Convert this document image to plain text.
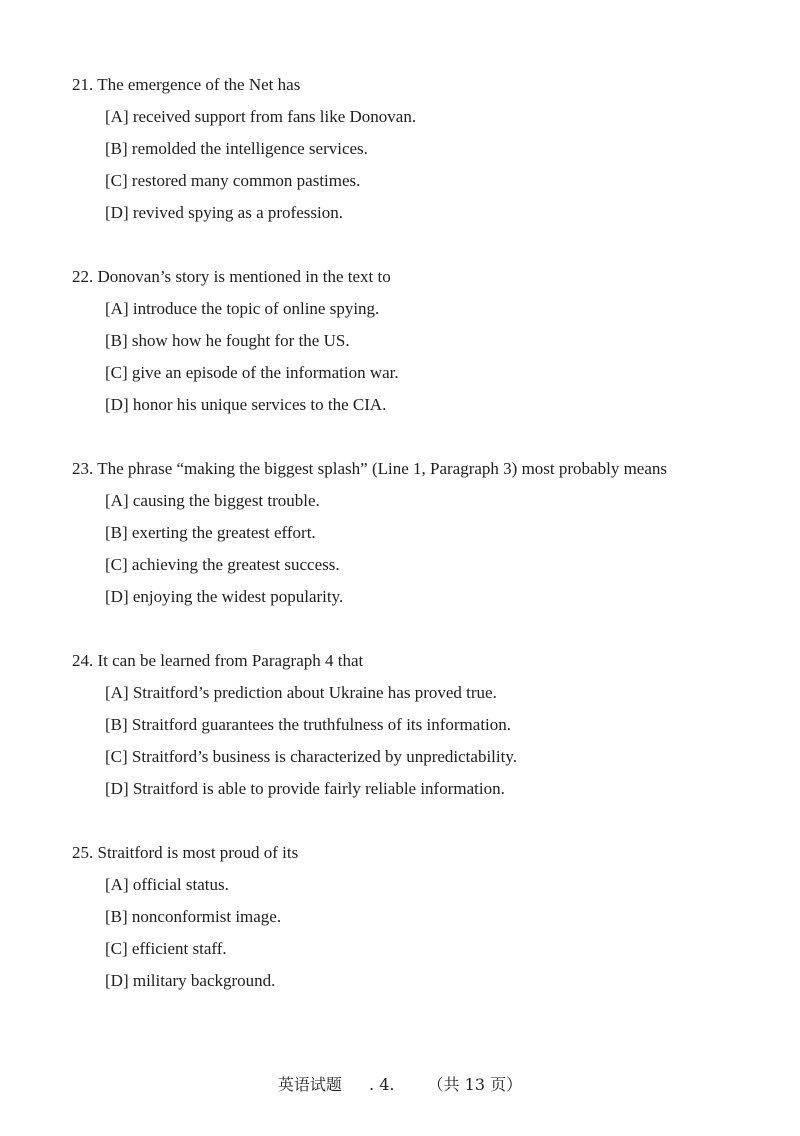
21. The emergence of the Net has
[A] received support from fans like Donovan.
[B] remolded the intelligence services.
[C] restored many common pastimes.
[D] revived spying as a profession.
22. Donovan’s story is mentioned in the text to
[A] introduce the topic of online spying.
[B] show how he fought for the US.
[C] give an episode of the information war.
[D] honor his unique services to the CIA.
23. The phrase “making the biggest splash” (Line 1, Paragraph 3) most probably means
[A] causing the biggest trouble.
[B] exerting the greatest effort.
[C] achieving the greatest success.
[D] enjoying the widest popularity.
24. It can be learned from Paragraph 4 that
[A] Straitford’s prediction about Ukraine has proved true.
[B] Straitford guarantees the truthfulness of its information.
[C] Straitford’s business is characterized by unpredictability.
[D] Straitford is able to provide fairly reliable information.
25. Straitford is most proud of its
[A] official status.
[B] nonconformist image.
[C] efficient staff.
[D] military background.
英语试题 . 4. （共 13 页）
